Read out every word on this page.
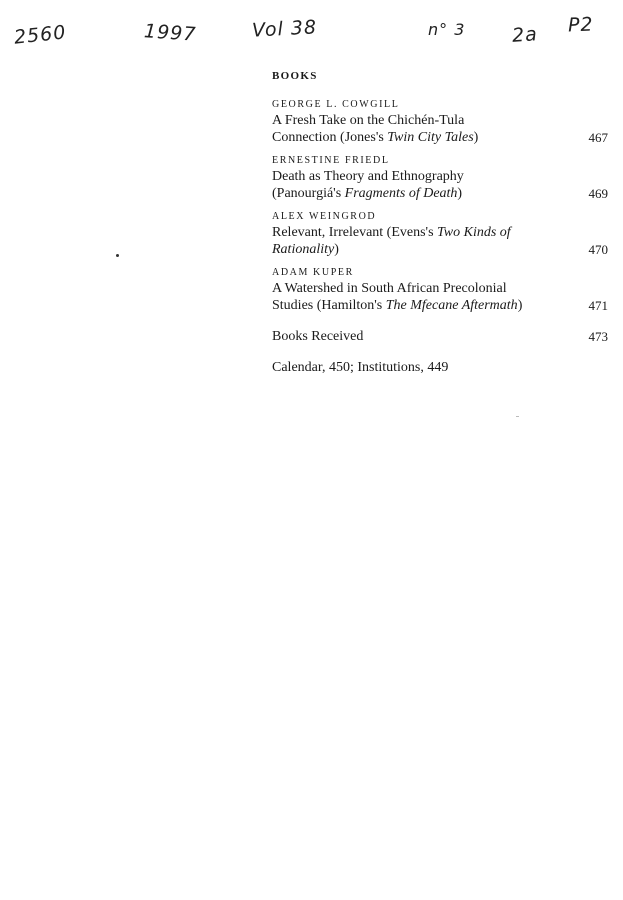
2560	1997	Vol 38	n° 3 2a P2
BOOKS
GEORGE L. COWGILL
A Fresh Take on the Chichén-Tula
Connection (Jones's Twin City Tales)	467
ERNESTINE FRIEDL
Death as Theory and Ethnography
(Panourgiá's Fragments of Death)	469
ALEX WEINGROD
Relevant, Irrelevant (Evens's Two Kinds of
Rationality)	470
ADAM KUPER
A Watershed in South African Precolonial
Studies (Hamilton's The Mfecane Aftermath)	471
Books Received	473
Calendar, 450; Institutions, 449
